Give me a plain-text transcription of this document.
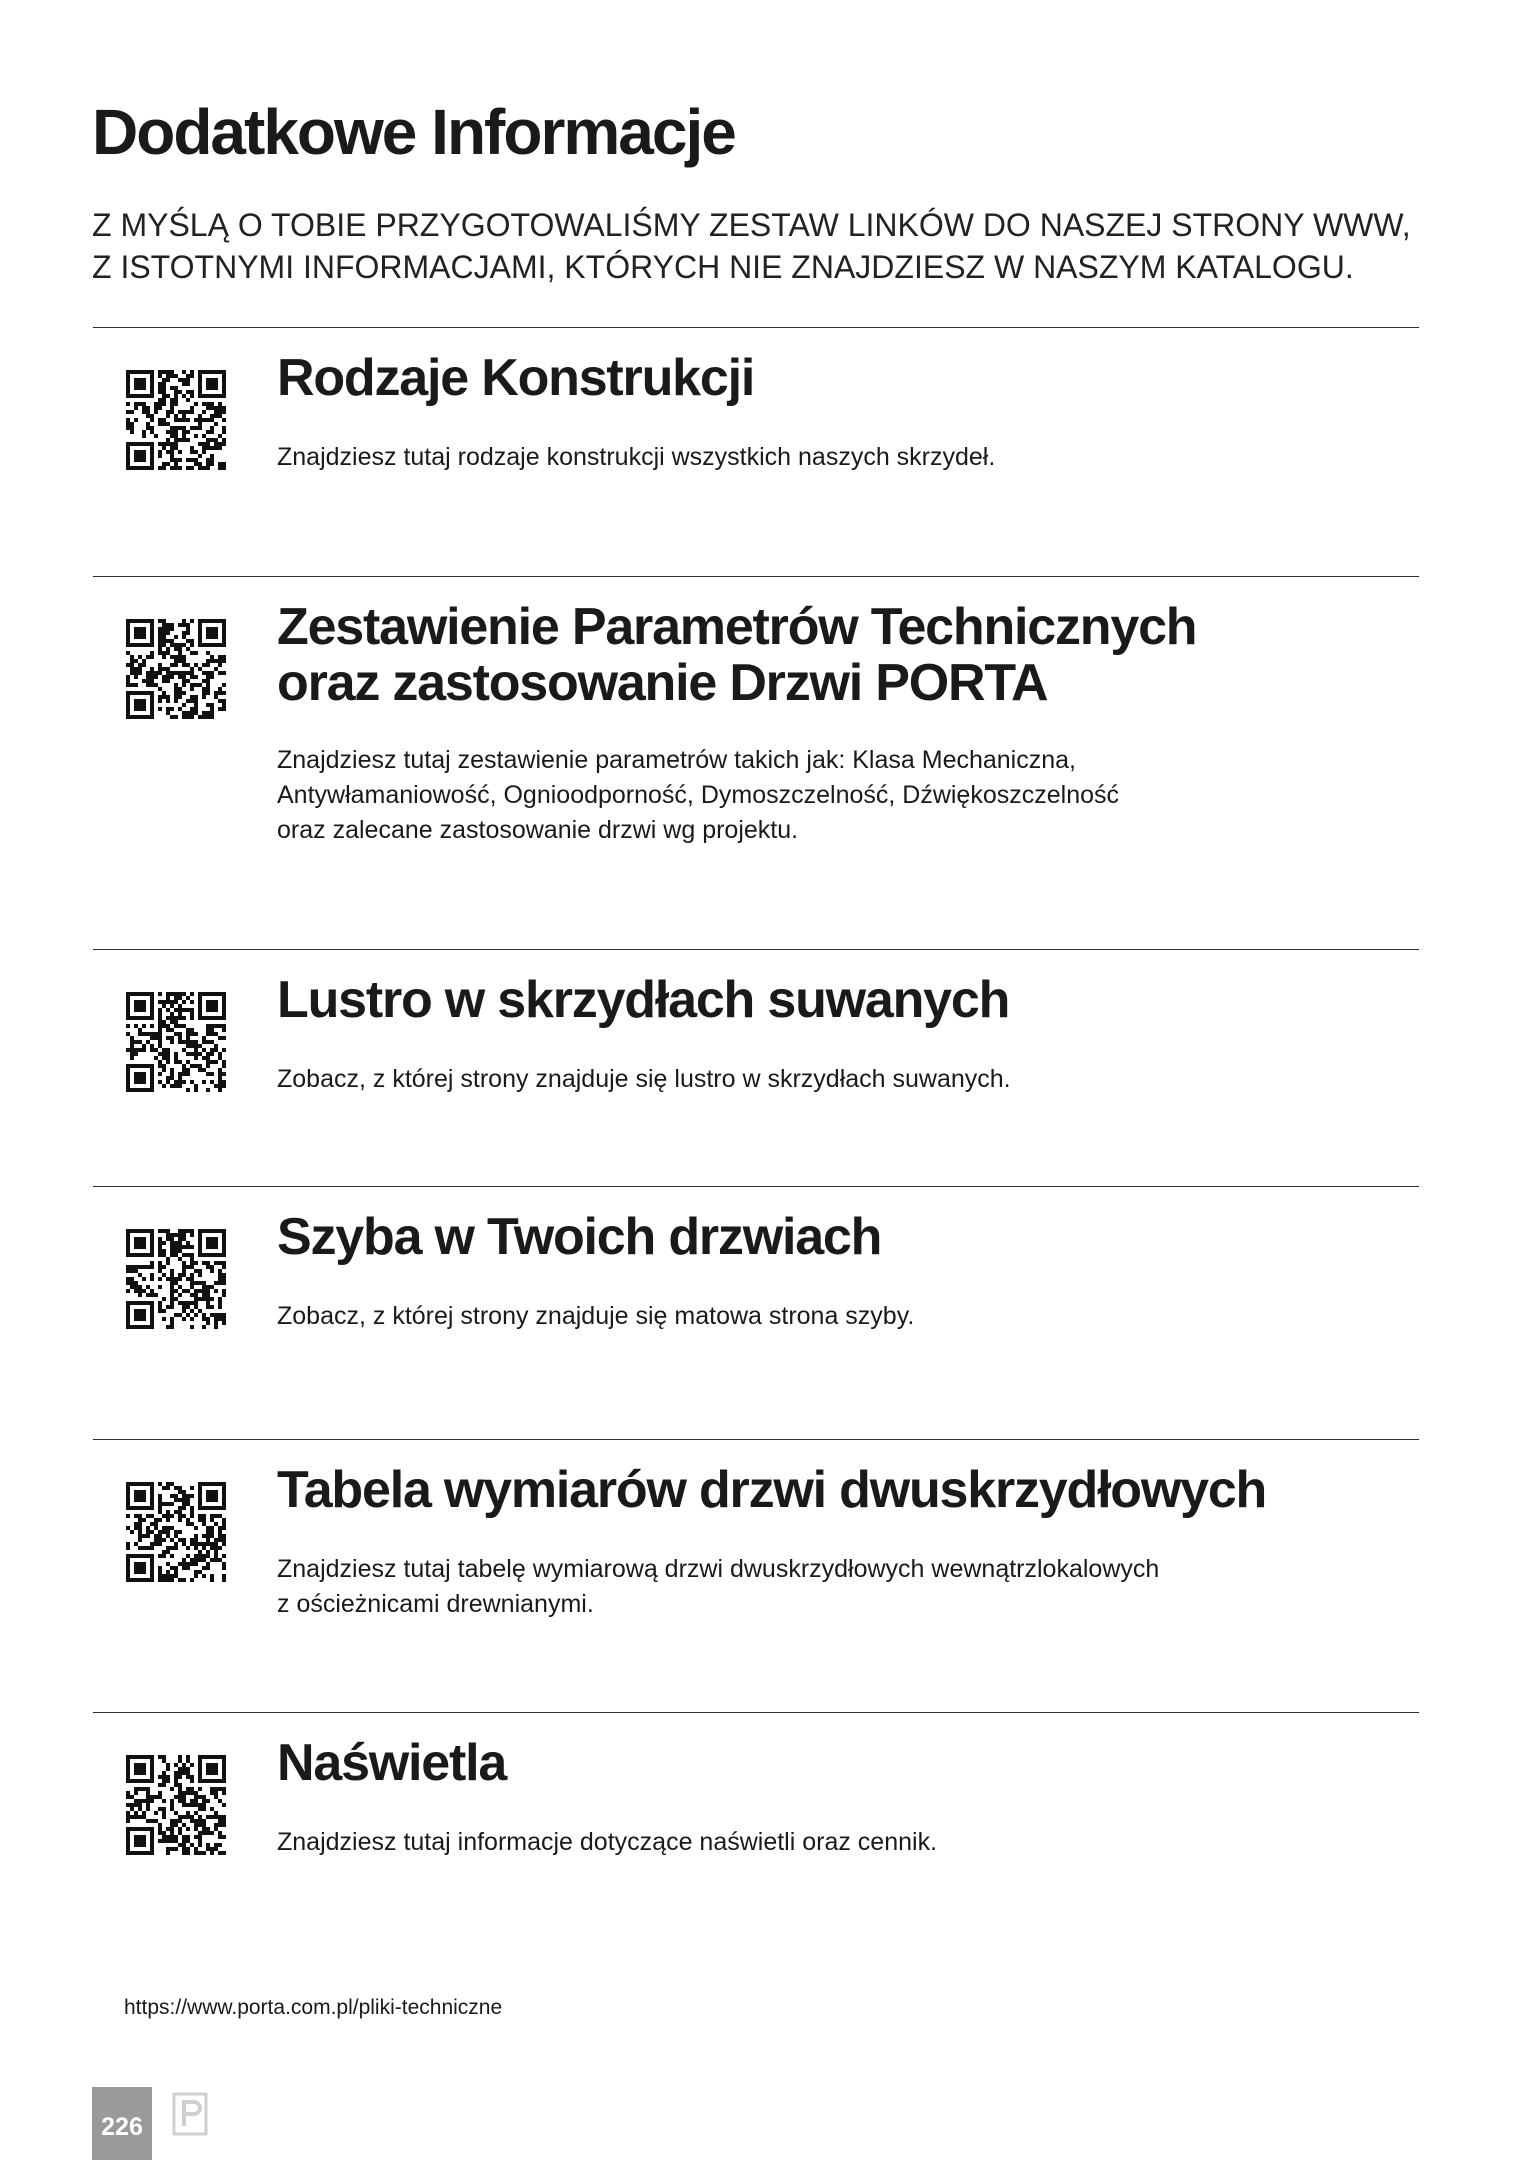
Dodatkowe Informacje
Z MYŚLĄ O TOBIE PRZYGOTOWALIŚMY ZESTAW LINKÓW DO NASZEJ STRONY WWW,
Z ISTOTNYMI INFORMACJAMI, KTÓRYCH NIE ZNAJDZIESZ W NASZYM KATALOGU.
Rodzaje Konstrukcji
Znajdziesz tutaj rodzaje konstrukcji wszystkich naszych skrzydeł.
Zestawienie Parametrów Technicznych
oraz zastosowanie Drzwi PORTA
Znajdziesz tutaj zestawienie parametrów takich jak: Klasa Mechaniczna,
Antywłamaniowość, Ognioodporność, Dymoszczelność, Dźwiękoszczelność
oraz zalecane zastosowanie drzwi wg projektu.
Lustro w skrzydłach suwanych
Zobacz, z której strony znajduje się lustro w skrzydłach suwanych.
Szyba w Twoich drzwiach
Zobacz, z której strony znajduje się matowa strona szyby.
Tabela wymiarów drzwi dwuskrzydłowych
Znajdziesz tutaj tabelę wymiarową drzwi dwuskrzydłowych wewnątrzlokalowych
z ościeżnicami drewnianymi.
Naświetla
Znajdziesz tutaj informacje dotyczące naświetli oraz cennik.
https://www.porta.com.pl/pliki-techniczne
226
